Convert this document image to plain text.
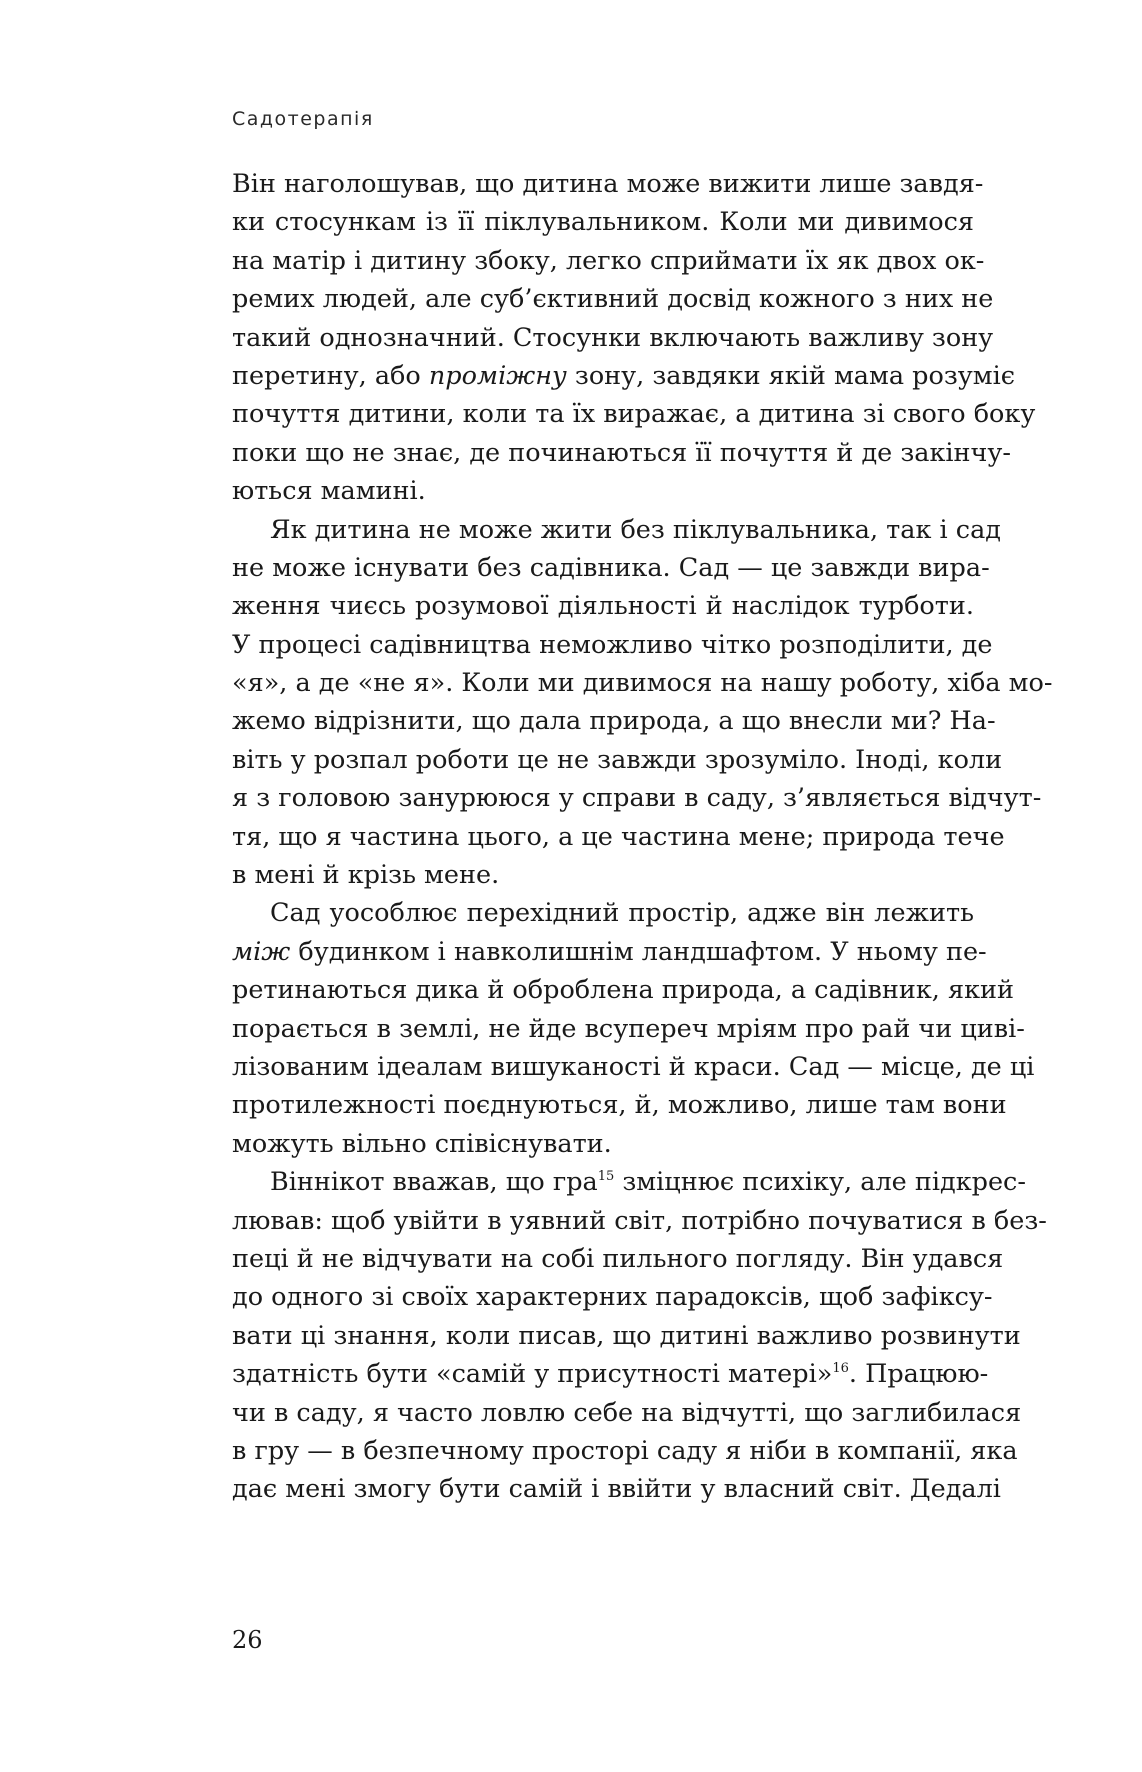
Садотерапія
Він наголошував, що дитина може вижити лише завдя-
ки стосункам із її піклувальником. Коли ми дивимося
на матір і дитину збоку, легко сприймати їх як двох ок-
ремих людей, але суб’єктивний досвід кожного з них не
такий однозначний. Стосунки включають важливу зону
перетину, або проміжну зону, завдяки якій мама розуміє
почуття дитини, коли та їх виражає, а дитина зі свого боку
поки що не знає, де починаються її почуття й де закінчу-
ються мамині.
Як дитина не може жити без піклувальника, так і сад
не може існувати без садівника. Сад — це завжди вира-
ження чиєсь розумової діяльності й наслідок турботи.
У процесі садівництва неможливо чітко розподілити, де
«я», а де «не я». Коли ми дивимося на нашу роботу, хіба мо-
жемо відрізнити, що дала природа, а що внесли ми? На-
віть у розпал роботи це не завжди зрозуміло. Іноді, коли
я з головою занурююся у справи в саду, з’являється відчут-
тя, що я частина цього, а це частина мене; природа тече
в мені й крізь мене.
Сад уособлює перехідний простір, адже він лежить
між будинком і навколишнім ландшафтом. У ньому пе-
ретинаються дика й оброблена природа, а садівник, який
порається в землі, не йде всупереч мріям про рай чи циві-
лізованим ідеалам вишуканості й краси. Сад — місце, де ці
протилежності поєднуються, й, можливо, лише там вони
можуть вільно співіснувати.
Віннікот вважав, що гра$^{15}$ зміцнює психіку, але підкрес-
лював: щоб увійти в уявний світ, потрібно почуватися в без-
пеці й не відчувати на собі пильного погляду. Він удався
до одного зі своїх характерних парадоксів, щоб зафіксу-
вати ці знання, коли писав, що дитині важливо розвинути
здатність бути «самій у присутності матері»$^{16}$. Працюю-
чи в саду, я часто ловлю себе на відчутті, що заглибилася
в гру — в безпечному просторі саду я ніби в компанії, яка
дає мені змогу бути самій і ввійти у власний світ. Дедалі
26
